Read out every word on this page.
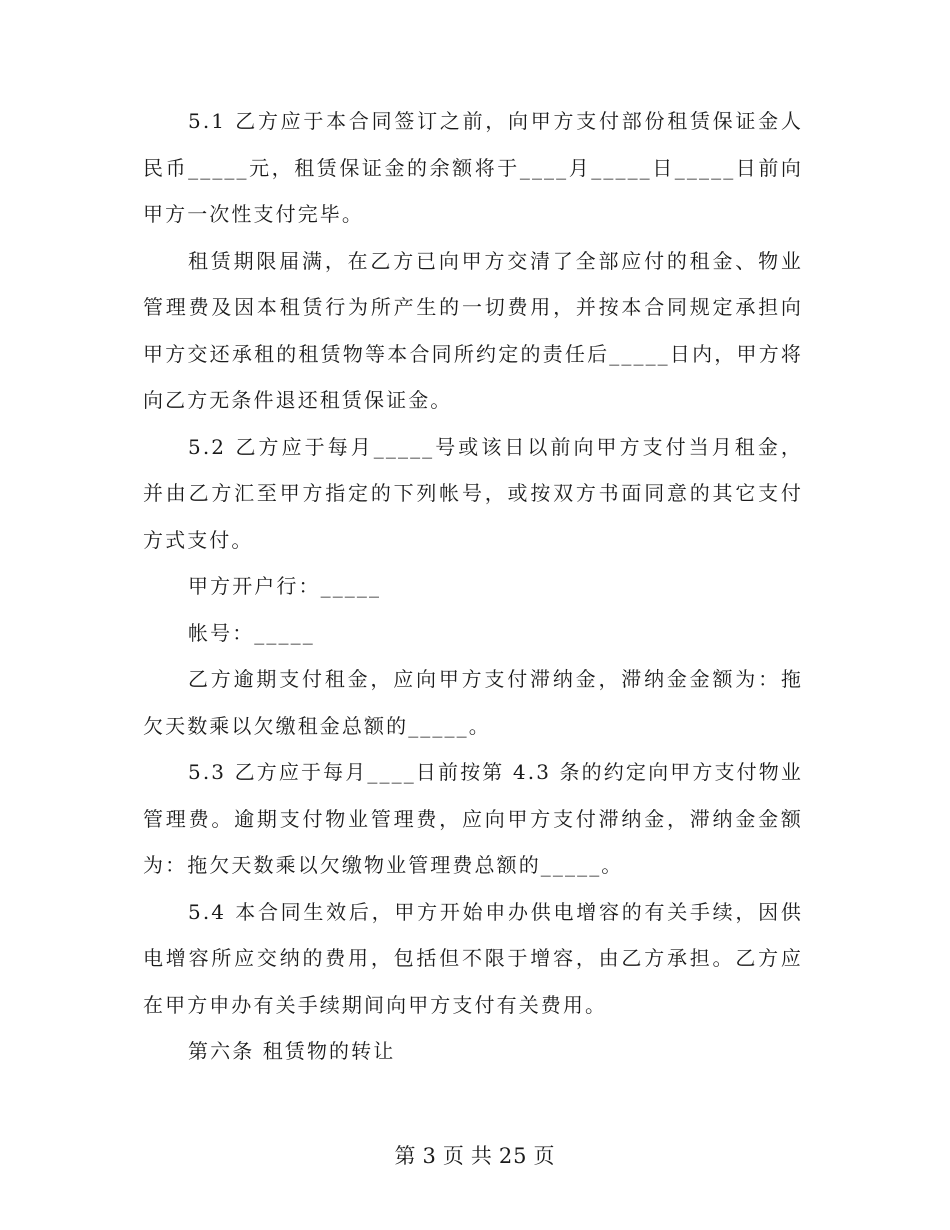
5.1 乙方应于本合同签订之前，向甲方支付部份租赁保证金人民币_____元，租赁保证金的余额将于____月_____日_____日前向甲方一次性支付完毕。

租赁期限届满，在乙方已向甲方交清了全部应付的租金、物业管理费及因本租赁行为所产生的一切费用，并按本合同规定承担向甲方交还承租的租赁物等本合同所约定的责任后_____日内，甲方将向乙方无条件退还租赁保证金。

5.2 乙方应于每月_____号或该日以前向甲方支付当月租金，并由乙方汇至甲方指定的下列帐号，或按双方书面同意的其它支付方式支付。

甲方开户行：_____

帐号：_____

乙方逾期支付租金，应向甲方支付滞纳金，滞纳金金额为：拖欠天数乘以欠缴租金总额的_____。

5.3 乙方应于每月____日前按第 4.3 条的约定向甲方支付物业管理费。逾期支付物业管理费，应向甲方支付滞纳金，滞纳金金额为：拖欠天数乘以欠缴物业管理费总额的_____。

5.4 本合同生效后，甲方开始申办供电增容的有关手续，因供电增容所应交纳的费用，包括但不限于增容，由乙方承担。乙方应在甲方申办有关手续期间向甲方支付有关费用。

第六条 租赁物的转让

第 3 页 共 25 页
